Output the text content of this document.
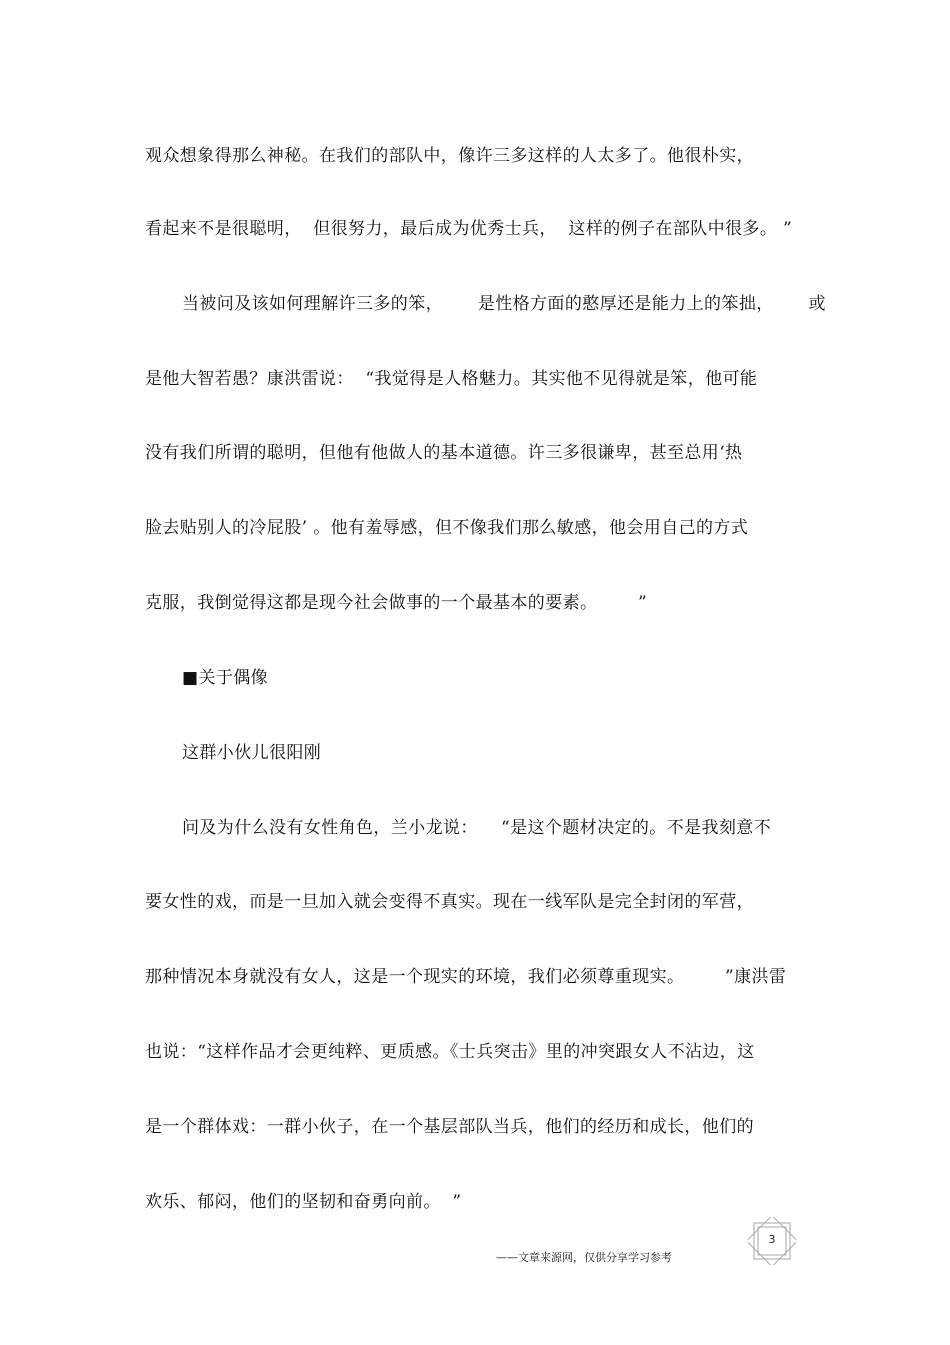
观众想象得那么神秘。在我们的部队中，像许三多这样的人太多了。他很朴实，
看起来不是很聪明，  但很努力，最后成为优秀士兵，  这样的例子在部队中很多。 ”
当被问及该如何理解许三多的笨，      是性格方面的憨厚还是能力上的笨拙，      或
是他大智若愚？康洪雷说：  “我觉得是人格魅力。其实他不见得就是笨，他可能
没有我们所谓的聪明，但他有他做人的基本道德。许三多很谦卑，甚至总用‘热
脸去贴别人的冷屁股’ 。他有羞辱感，但不像我们那么敏感，他会用自己的方式
克服，我倒觉得这都是现今社会做事的一个最基本的要素。       ”
■关于偶像
这群小伙儿很阳刚
问及为什么没有女性角色，兰小龙说：    “是这个题材决定的。不是我刻意不
要女性的戏，而是一旦加入就会变得不真实。现在一线军队是完全封闭的军营，
那种情况本身就没有女人，这是一个现实的环境，我们必须尊重现实。       ”康洪雷
也说：“这样作品才会更纯粹、更质感。《士兵突击》里的冲突跟女人不沾边，这
是一个群体戏：一群小伙子，在一个基层部队当兵，他们的经历和成长，他们的
欢乐、郁闷，他们的坚韧和奋勇向前。  ”
3
——文章来源网，仅供分享学习参考
